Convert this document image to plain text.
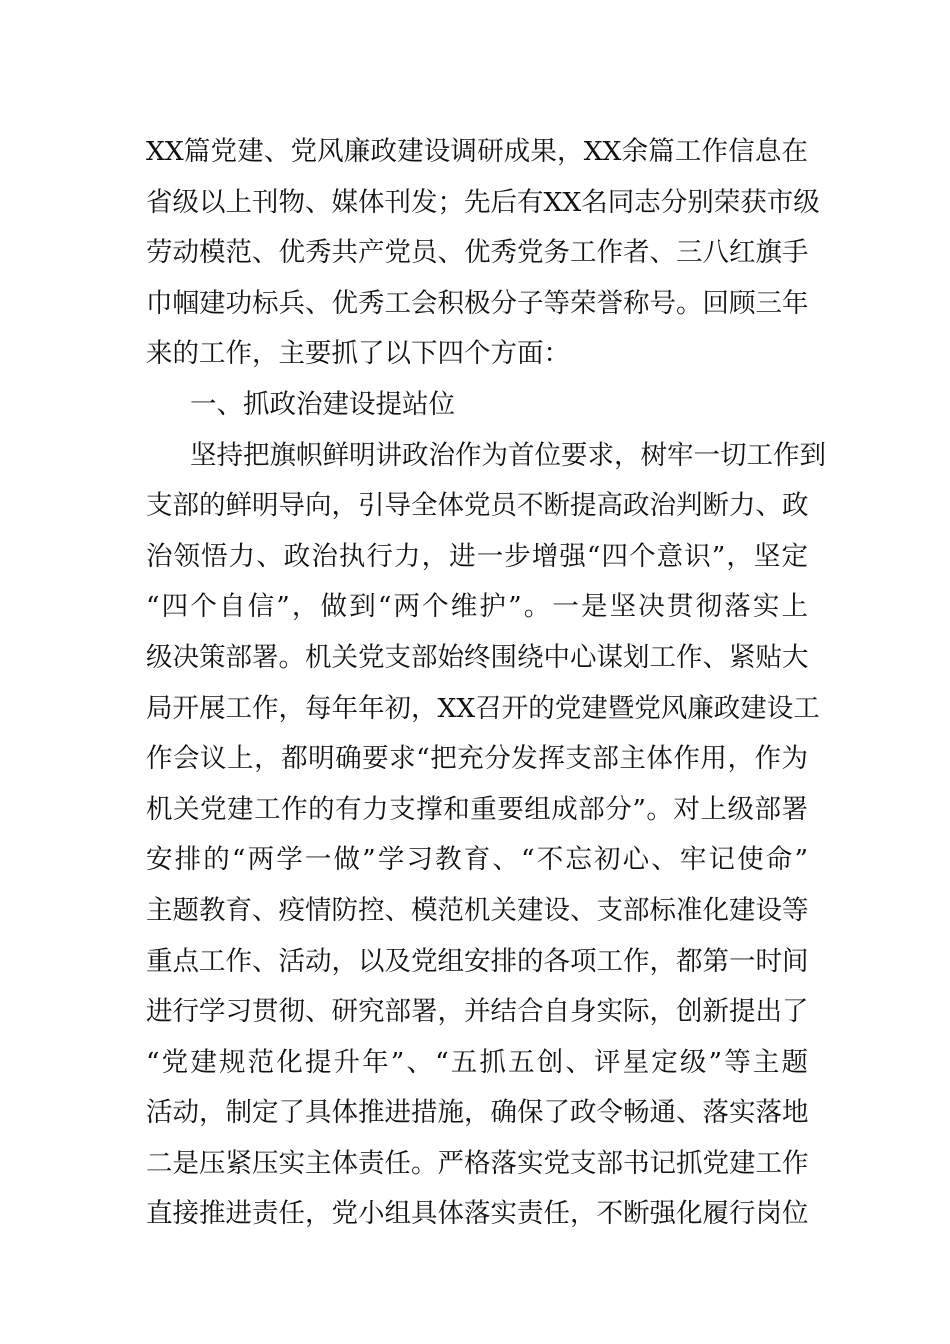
XX篇党建、党风廉政建设调研成果，XX余篇工作信息在
省级以上刊物、媒体刊发；先后有XX名同志分别荣获市级
劳动模范、优秀共产党员、优秀党务工作者、三八红旗手
巾帼建功标兵、优秀工会积极分子等荣誉称号。回顾三年
来的工作，主要抓了以下四个方面：
一、抓政治建设提站位
坚持把旗帜鲜明讲政治作为首位要求，树牢一切工作到
支部的鲜明导向，引导全体党员不断提高政治判断力、政
治领悟力、政治执行力，进一步增强“四个意识”，坚定
“四个自信”，做到“两个维护”。一是坚决贯彻落实上
级决策部署。机关党支部始终围绕中心谋划工作、紧贴大
局开展工作，每年年初，XX召开的党建暨党风廉政建设工
作会议上，都明确要求“把充分发挥支部主体作用，作为
机关党建工作的有力支撑和重要组成部分”。对上级部署
安排的“两学一做”学习教育、“不忘初心、牢记使命”
主题教育、疫情防控、模范机关建设、支部标准化建设等
重点工作、活动，以及党组安排的各项工作，都第一时间
进行学习贯彻、研究部署，并结合自身实际，创新提出了
“党建规范化提升年”、“五抓五创、评星定级”等主题
活动，制定了具体推进措施，确保了政令畅通、落实落地
二是压紧压实主体责任。严格落实党支部书记抓党建工作
直接推进责任，党小组具体落实责任，不断强化履行岗位
